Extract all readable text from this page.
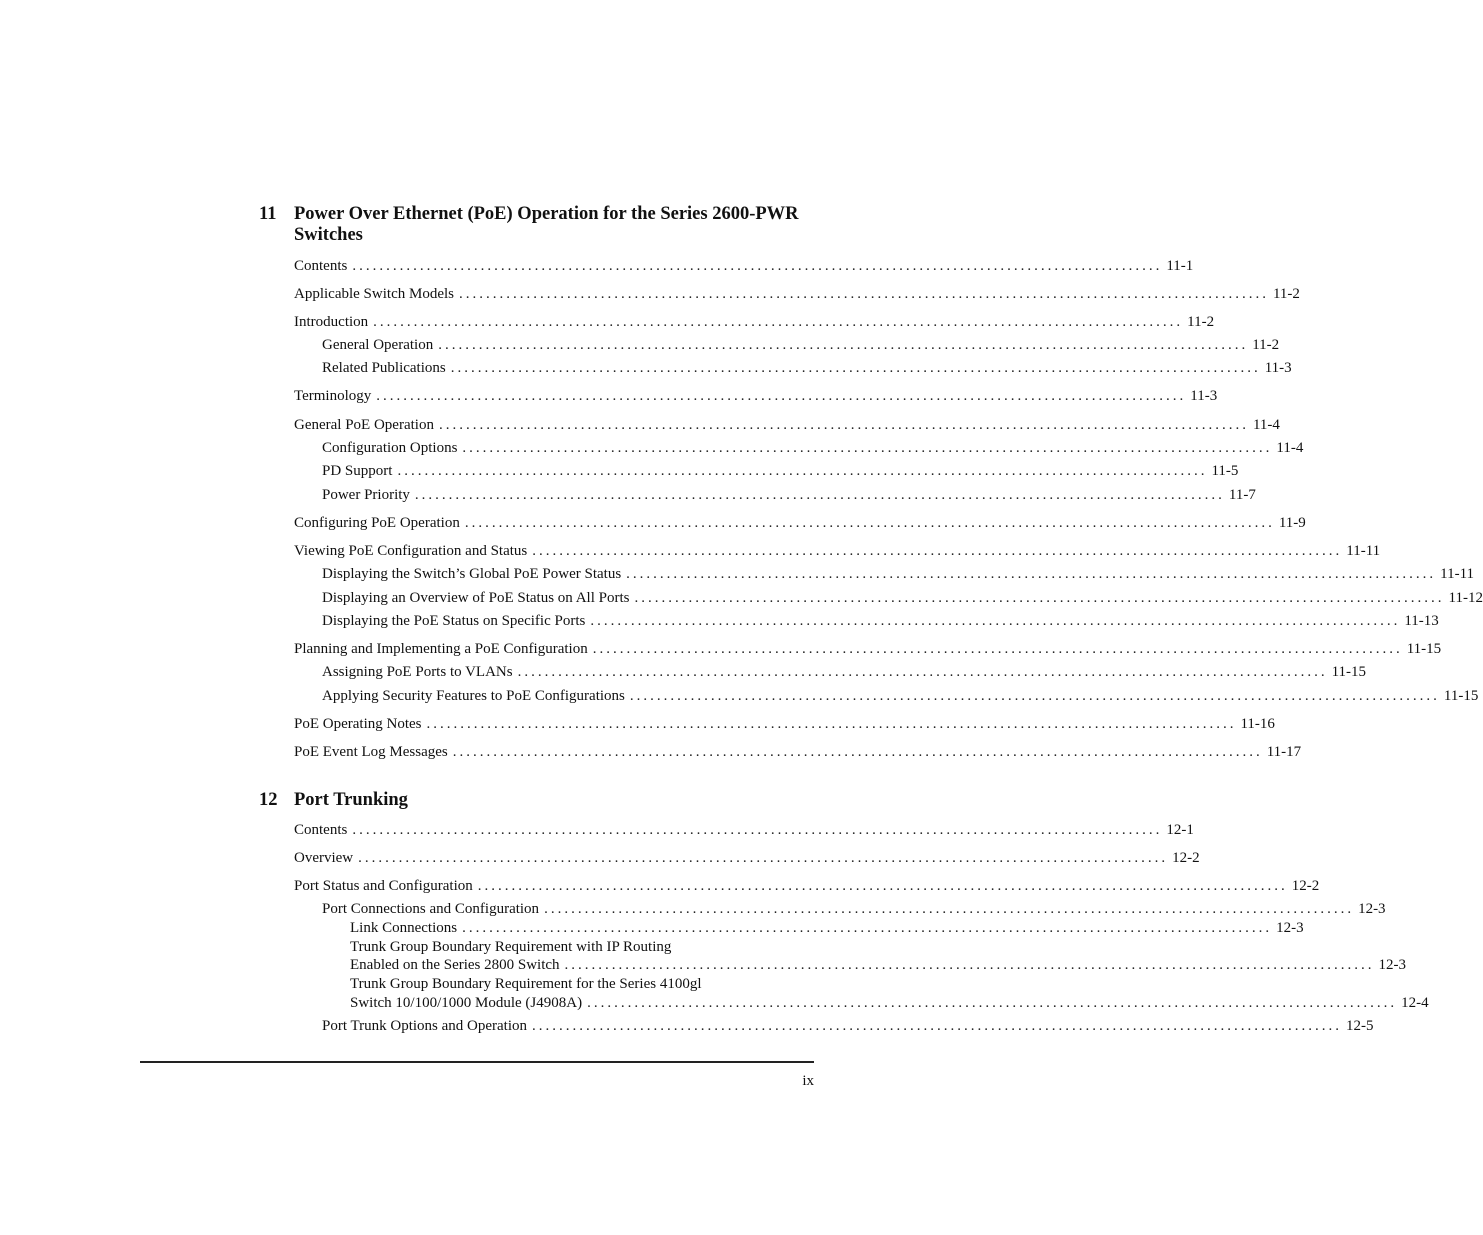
11 Power Over Ethernet (PoE) Operation for the Series 2600-PWR Switches
Contents ........................................................................................................................ 11-1
Applicable Switch Models ........................................................................................................................ 11-2
Introduction ........................................................................................................................ 11-2
General Operation ........................................................................................................................ 11-2
Related Publications ........................................................................................................................ 11-3
Terminology ........................................................................................................................ 11-3
General PoE Operation ........................................................................................................................ 11-4
Configuration Options ........................................................................................................................ 11-4
PD Support ........................................................................................................................ 11-5
Power Priority ........................................................................................................................ 11-7
Configuring PoE Operation ........................................................................................................................ 11-9
Viewing PoE Configuration and Status ........................................................................................................................ 11-11
Displaying the Switch’s Global PoE Power Status ........................................................................................................................ 11-11
Displaying an Overview of PoE Status on All Ports ........................................................................................................................ 11-12
Displaying the PoE Status on Specific Ports ........................................................................................................................ 11-13
Planning and Implementing a PoE Configuration ........................................................................................................................ 11-15
Assigning PoE Ports to VLANs ........................................................................................................................ 11-15
Applying Security Features to PoE Configurations ........................................................................................................................ 11-15
PoE Operating Notes ........................................................................................................................ 11-16
PoE Event Log Messages ........................................................................................................................ 11-17
12 Port Trunking
Contents ........................................................................................................................ 12-1
Overview ........................................................................................................................ 12-2
Port Status and Configuration ........................................................................................................................ 12-2
Port Connections and Configuration ........................................................................................................................ 12-3
Link Connections ........................................................................................................................ 12-3
Trunk Group Boundary Requirement with IP Routing
Enabled on the Series 2800 Switch ........................................................................................................................ 12-3
Trunk Group Boundary Requirement for the Series 4100gl
Switch 10/100/1000 Module (J4908A) ........................................................................................................................ 12-4
Port Trunk Options and Operation ........................................................................................................................ 12-5
ix
